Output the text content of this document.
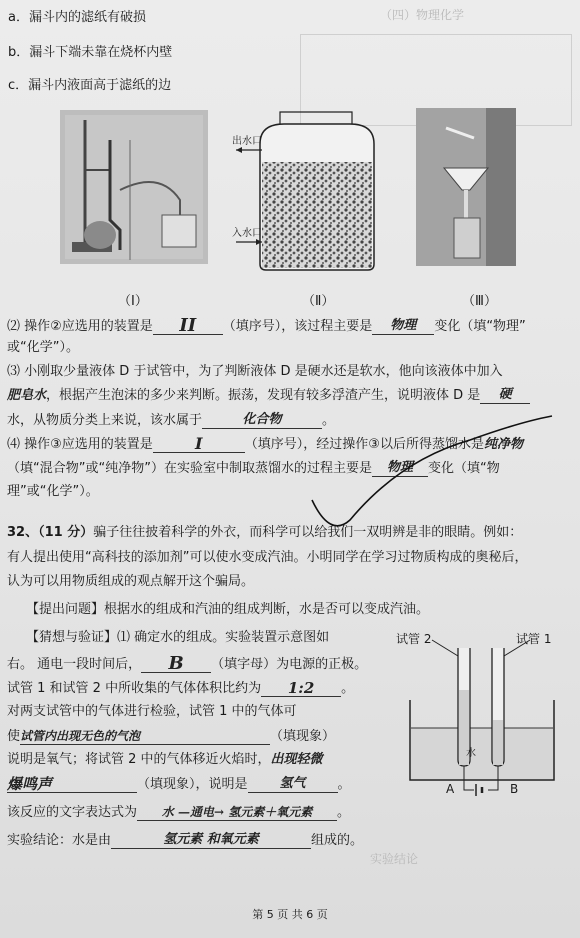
（四）物理化学
a．漏斗内的滤纸有破损
b．漏斗下端未靠在烧杯内壁
c．漏斗内液面高于滤纸的边
出水口
入水口
（Ⅰ）	（Ⅱ）	（Ⅲ）
⑵ 操作②应选用的装置是 II （填序号），该过程主要是 物理 变化（填“物理”
或“化学”）。
⑶ 小刚取少量液体 D 于试管中，为了判断液体 D 是硬水还是软水，他向该液体中加入
肥皂水，根据产生泡沫的多少来判断。振荡，发现有较多浮渣产生，说明液体 D 是 硬
水，从物质分类上来说，该水属于	化合物	。
⑷ 操作③应选用的装置是	I	（填序号），经过操作③以后所得蒸馏水是纯净物
（填“混合物”或“纯净物”）在实验室中制取蒸馏水的过程主要是 物理 变化（填“物
理”或“化学”）。
32、（11 分）骗子往往披着科学的外衣，而科学可以给我们一双明辨是非的眼睛。例如：
有人提出使用“高科技的添加剂”可以使水变成汽油。小明同学在学习过物质构成的奥秘后，
认为可以用物质组成的观点解开这个骗局。
【提出问题】根据水的组成和汽油的组成判断，水是否可以变成汽油。
【猜想与验证】⑴ 确定水的组成。实验装置示意图如
右。 通电一段时间后， B （填字母）为电源的正极。
试管 1 和试管 2 中所收集的气体体积比约为 1:2 。
对两支试管中的气体进行检验，试管 1 中的气体可
使试管内出现无色的气泡	（填现象）
说明是氧气；将试管 2 中的气体移近火焰时，出现轻微
爆鸣声	（填现象），说明是 氢气 。
该反应的文字表达式为 水 —通电→ 氢元素＋氧元素 。
实验结论：水是由	氢元素 和氧元素	组成的。
试管 2	试管 1
水
A	B
实验结论
第 5 页 共 6 页
